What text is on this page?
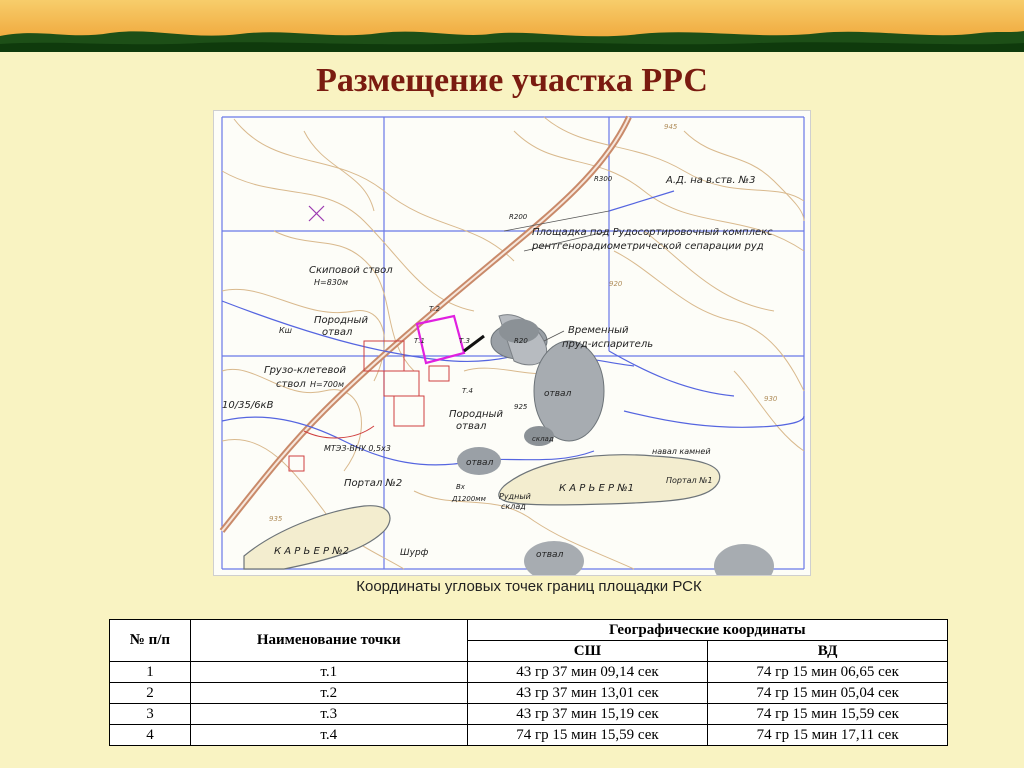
Размещение участка РРС
А.Д. на в.ств. №3
Площадка под Рудосортировочный комплекс
рентгенорадиометрической сепарации руд
Скиповой ствол
H=830м
Породный
отвал
Грузо-клетевой
ствол H=700м
10/35/6кВ
МТЭЗ-ВНУ 0,5х3
Портал №2
Временный
пруд-испаритель
отвал
Породный
отвал
отвал
Рудный
склад
склад
навал камней
К А Р Ь Е Р №1
Портал №1
К А Р Ь Е Р №2	Шурф	отвал
Кш
R300
R200
R20
Вх
Д1200мм
Т.2
Т.1	Т.3
Т.4
925
920
930
935
945
Координаты угловых точек границ площадки РСК
№ п/п	Наименование точки	Географические координаты	
		СШ	ВД
1	т.1	43 гр 37 мин 09,14 сек	74 гр 15 мин 06,65 сек
2	т.2	43 гр 37 мин 13,01 сек	74 гр 15 мин 05,04 сек
3	т.3	43 гр 37 мин 15,19 сек	74 гр 15 мин 15,59 сек
4	т.4	74 гр 15 мин 15,59 сек	74 гр 15 мин 17,11 сек
